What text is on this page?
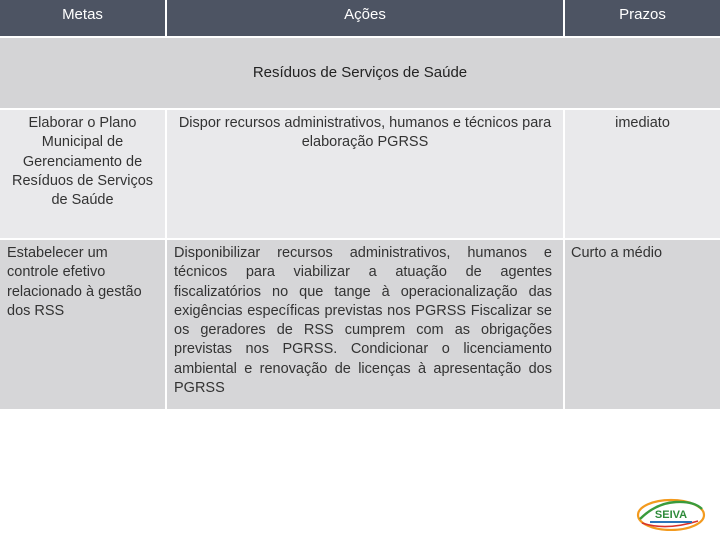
Metas	Ações	Prazos
Resíduos de Serviços de Saúde
Elaborar o Plano Municipal de Gerenciamento de Resíduos de Serviços de Saúde
Dispor recursos administrativos, humanos e técnicos para elaboração PGRSS
imediato
Estabelecer um controle efetivo relacionado à gestão dos RSS
Disponibilizar recursos administrativos, humanos e técnicos para viabilizar a atuação de agentes fiscalizatórios no que tange à operacionalização das exigências específicas previstas nos PGRSS Fiscalizar se os geradores de RSS cumprem com as obrigações previstas nos PGRSS. Condicionar o licenciamento ambiental e renovação de licenças à apresentação dos PGRSS
Curto a médio
SEIVA
